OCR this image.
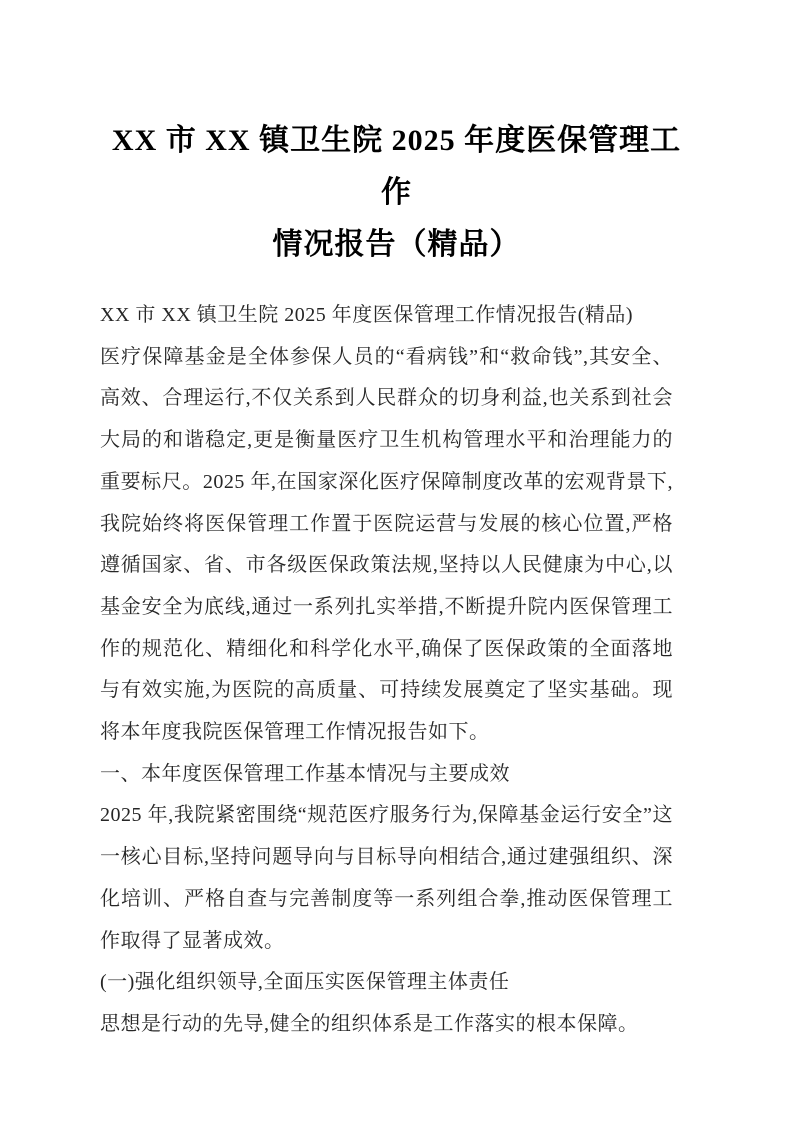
XX 市 XX 镇卫生院 2025 年度医保管理工作
情况报告（精品）

XX 市 XX 镇卫生院 2025 年度医保管理工作情况报告(精品)

医疗保障基金是全体参保人员的“看病钱”和“救命钱”,其安全、高效、合理运行,不仅关系到人民群众的切身利益,也关系到社会大局的和谐稳定,更是衡量医疗卫生机构管理水平和治理能力的重要标尺。2025 年,在国家深化医疗保障制度改革的宏观背景下,我院始终将医保管理工作置于医院运营与发展的核心位置,严格遵循国家、省、市各级医保政策法规,坚持以人民健康为中心,以基金安全为底线,通过一系列扎实举措,不断提升院内医保管理工作的规范化、精细化和科学化水平,确保了医保政策的全面落地与有效实施,为医院的高质量、可持续发展奠定了坚实基础。现将本年度我院医保管理工作情况报告如下。

一、本年度医保管理工作基本情况与主要成效

2025 年,我院紧密围绕“规范医疗服务行为,保障基金运行安全”这一核心目标,坚持问题导向与目标导向相结合,通过建强组织、深化培训、严格自查与完善制度等一系列组合拳,推动医保管理工作取得了显著成效。

(一)强化组织领导,全面压实医保管理主体责任

思想是行动的先导,健全的组织体系是工作落实的根本保障。
